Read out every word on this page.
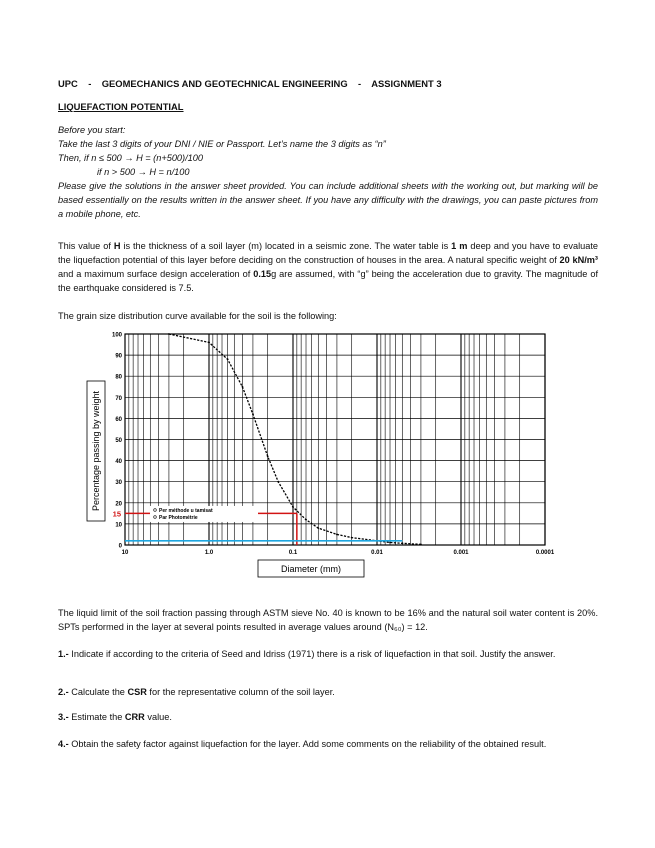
UPC - GEOMECHANICS AND GEOTECHNICAL ENGINEERING - ASSIGNMENT 3
LIQUEFACTION POTENTIAL
Before you start:
Take the last 3 digits of your DNI / NIE or Passport. Let’s name the 3 digits as “n”
Then, if n ≤ 500 → H = (n+500)/100
if n > 500 → H = n/100
Please give the solutions in the answer sheet provided. You can include additional sheets with the working out, but marking will be based essentially on the results written in the answer sheet. If you have any difficulty with the drawings, you can paste pictures from a mobile phone, etc.
This value of H is the thickness of a soil layer (m) located in a seismic zone. The water table is 1 m deep and you have to evaluate the liquefaction potential of this layer before deciding on the construction of houses in the area. A natural specific weight of 20 kN/m³ and a maximum surface design acceleration of 0.15g are assumed, with “g” being the acceleration due to gravity. The magnitude of the earthquake considered is 7.5.
The grain size distribution curve available for the soil is the following:
0
10
20
30
40
50
60
70
80
90
100
10	1.0	0.1	0.01	0.001	0.0001
Percentage passing by weight
15	Per méthode u tamisat
Par Photométrie
Diameter (mm)
The liquid limit of the soil fraction passing through ASTM sieve No. 40 is known to be 16% and the natural soil water content is 20%. SPTs performed in the layer at several points resulted in average values around (N₆₀) = 12.
1.- Indicate if according to the criteria of Seed and Idriss (1971) there is a risk of liquefaction in that soil. Justify the answer.
2.- Calculate the CSR for the representative column of the soil layer.
3.- Estimate the CRR value.
4.- Obtain the safety factor against liquefaction for the layer. Add some comments on the reliability of the obtained result.
